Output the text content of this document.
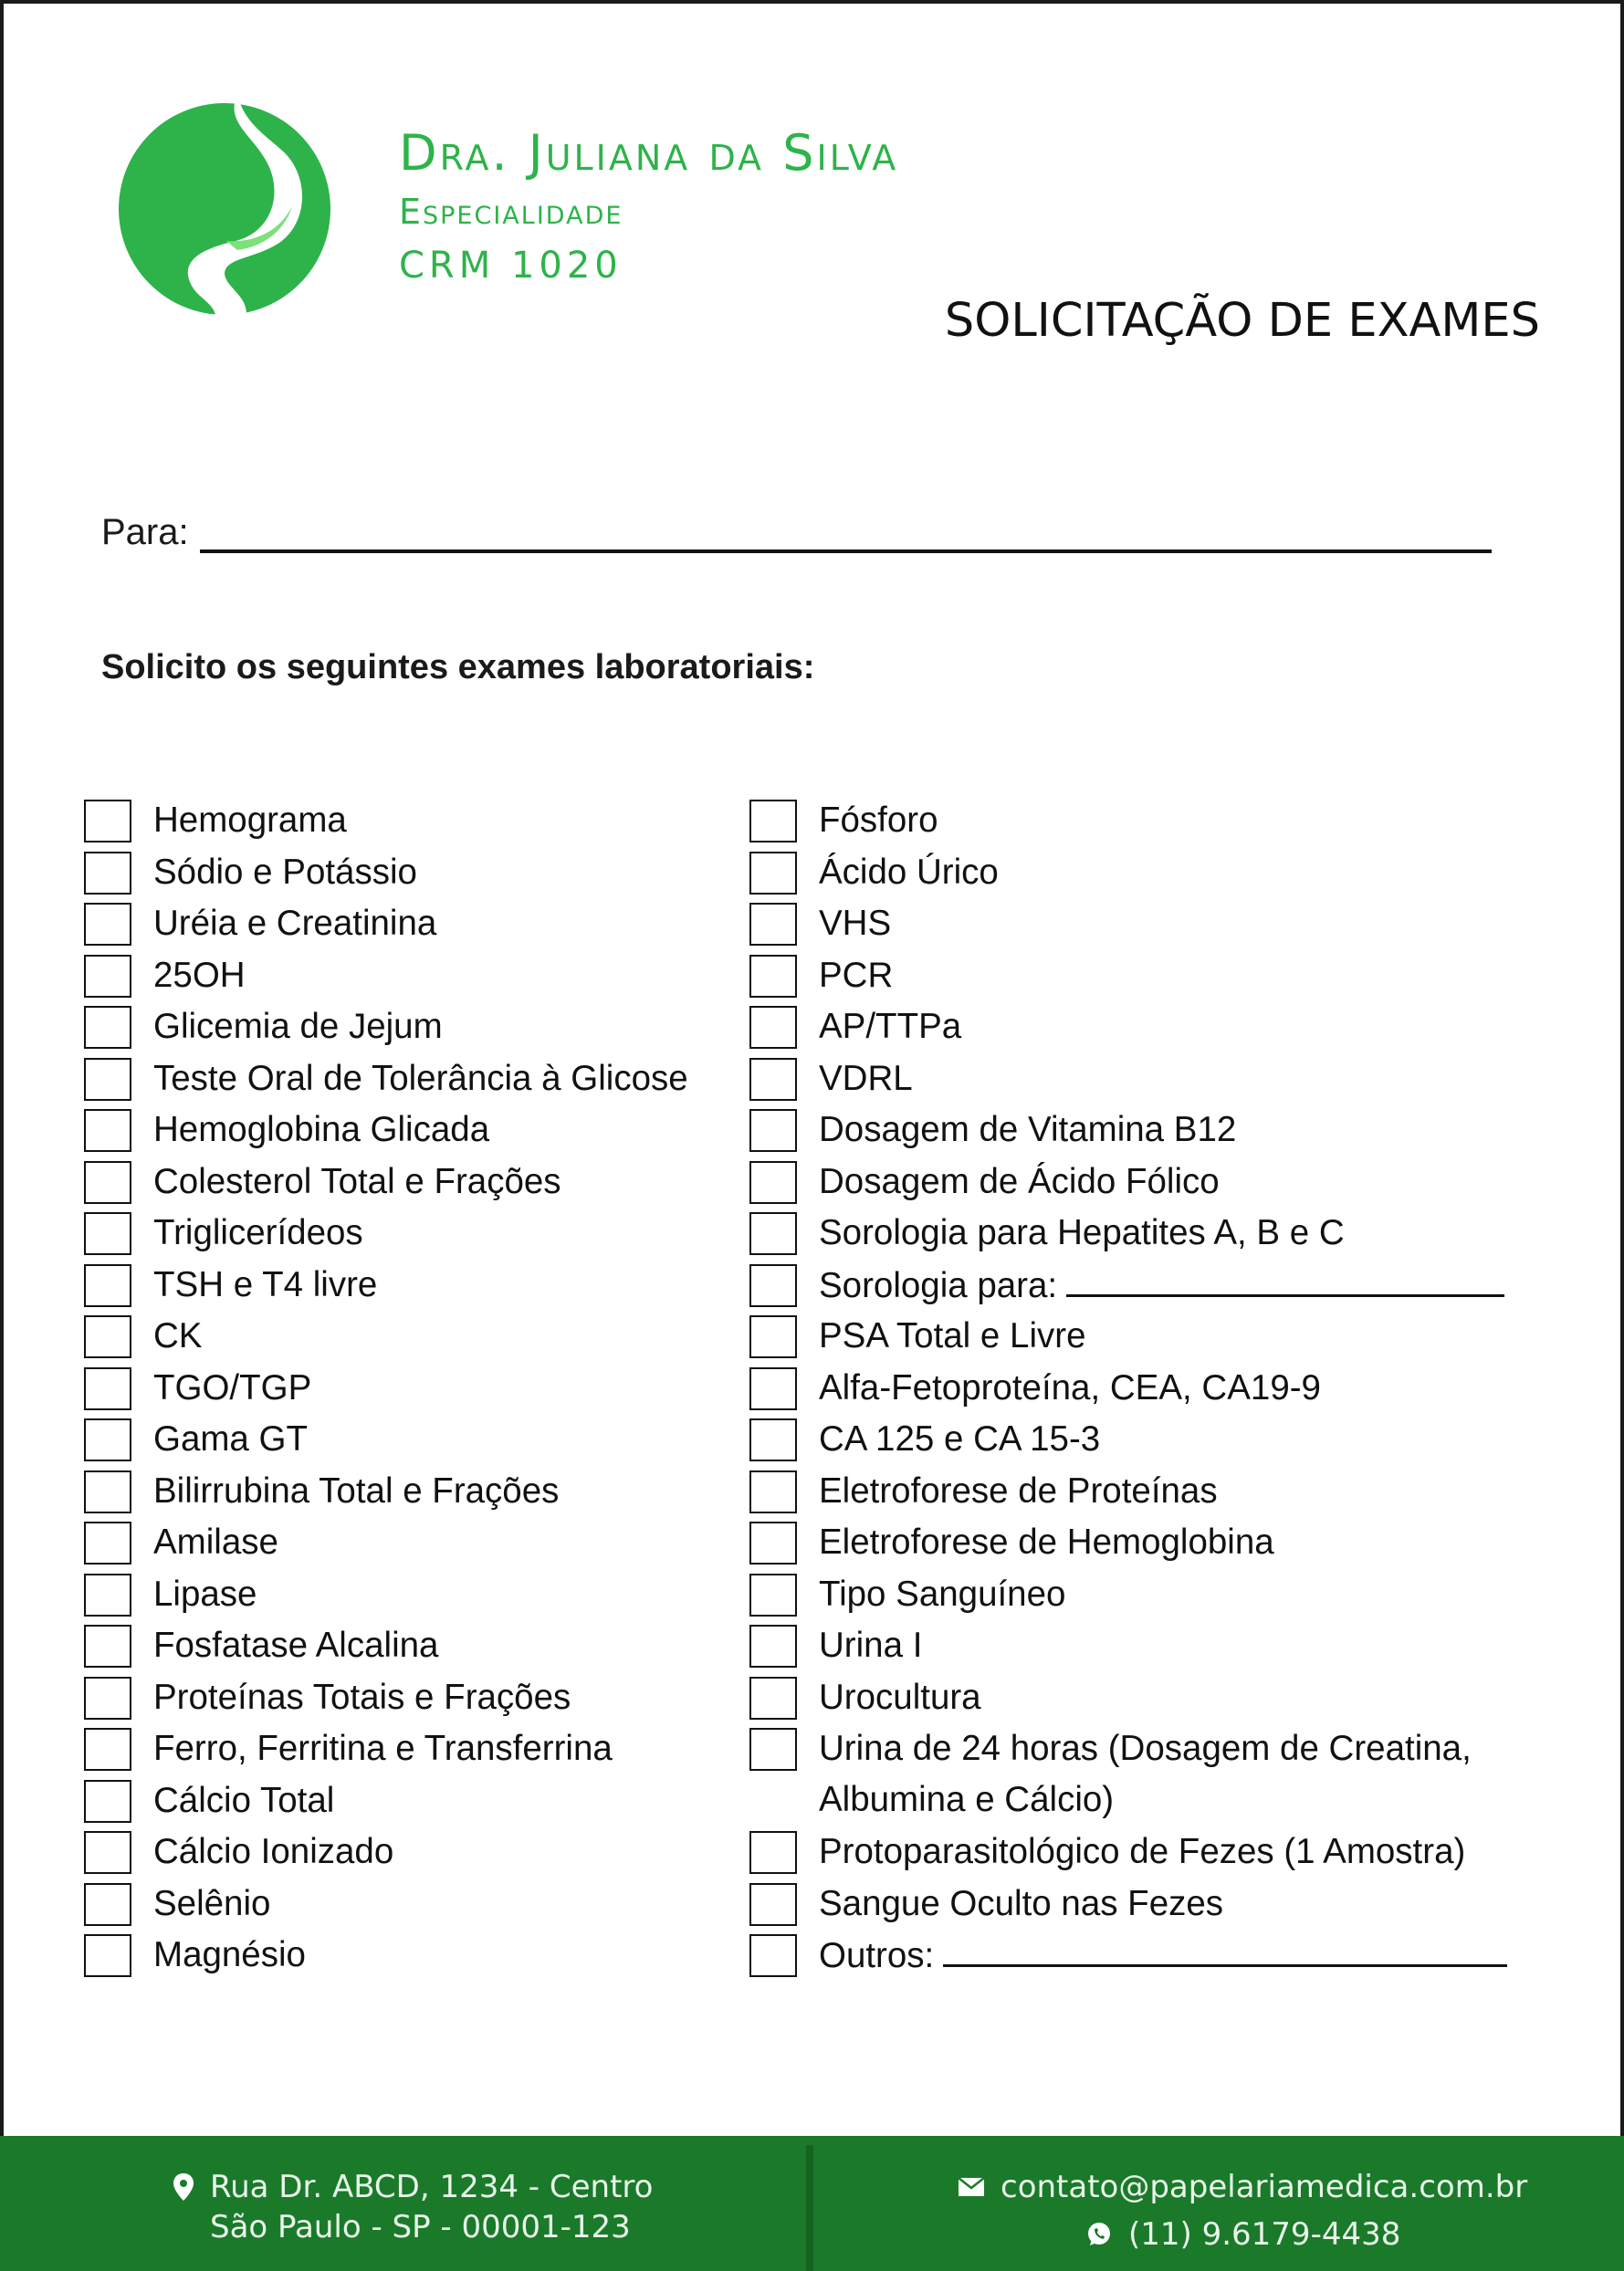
Dra. Juliana da Silva
Especialidade
CRM 1020
SOLICITAÇÃO DE EXAMES
Para:
Solicito os seguintes exames laboratoriais:
Hemograma
Sódio e Potássio
Uréia e Creatinina
25OH
Glicemia de Jejum
Teste Oral de Tolerância à Glicose
Hemoglobina Glicada
Colesterol Total e Frações
Triglicerídeos
TSH e T4 livre
CK
TGO/TGP
Gama GT
Bilirrubina Total e Frações
Amilase
Lipase
Fosfatase Alcalina
Proteínas Totais e Frações
Ferro, Ferritina e Transferrina
Cálcio Total
Cálcio Ionizado
Selênio
Magnésio
Fósforo
Ácido Úrico
VHS
PCR
AP/TTPa
VDRL
Dosagem de Vitamina B12
Dosagem de Ácido Fólico
Sorologia para Hepatites A, B e C
Sorologia para:
PSA Total e Livre
Alfa-Fetoproteína, CEA, CA19-9
CA 125 e CA 15-3
Eletroforese de Proteínas
Eletroforese de Hemoglobina
Tipo Sanguíneo
Urina I
Urocultura
Urina de 24 horas (Dosagem de Creatina,
Albumina e Cálcio)
Protoparasitológico de Fezes (1 Amostra)
Sangue Oculto nas Fezes
Outros:
Rua Dr. ABCD, 1234 - Centro
São Paulo - SP - 00001-123
contato@papelariamedica.com.br
(11) 9.6179-4438
